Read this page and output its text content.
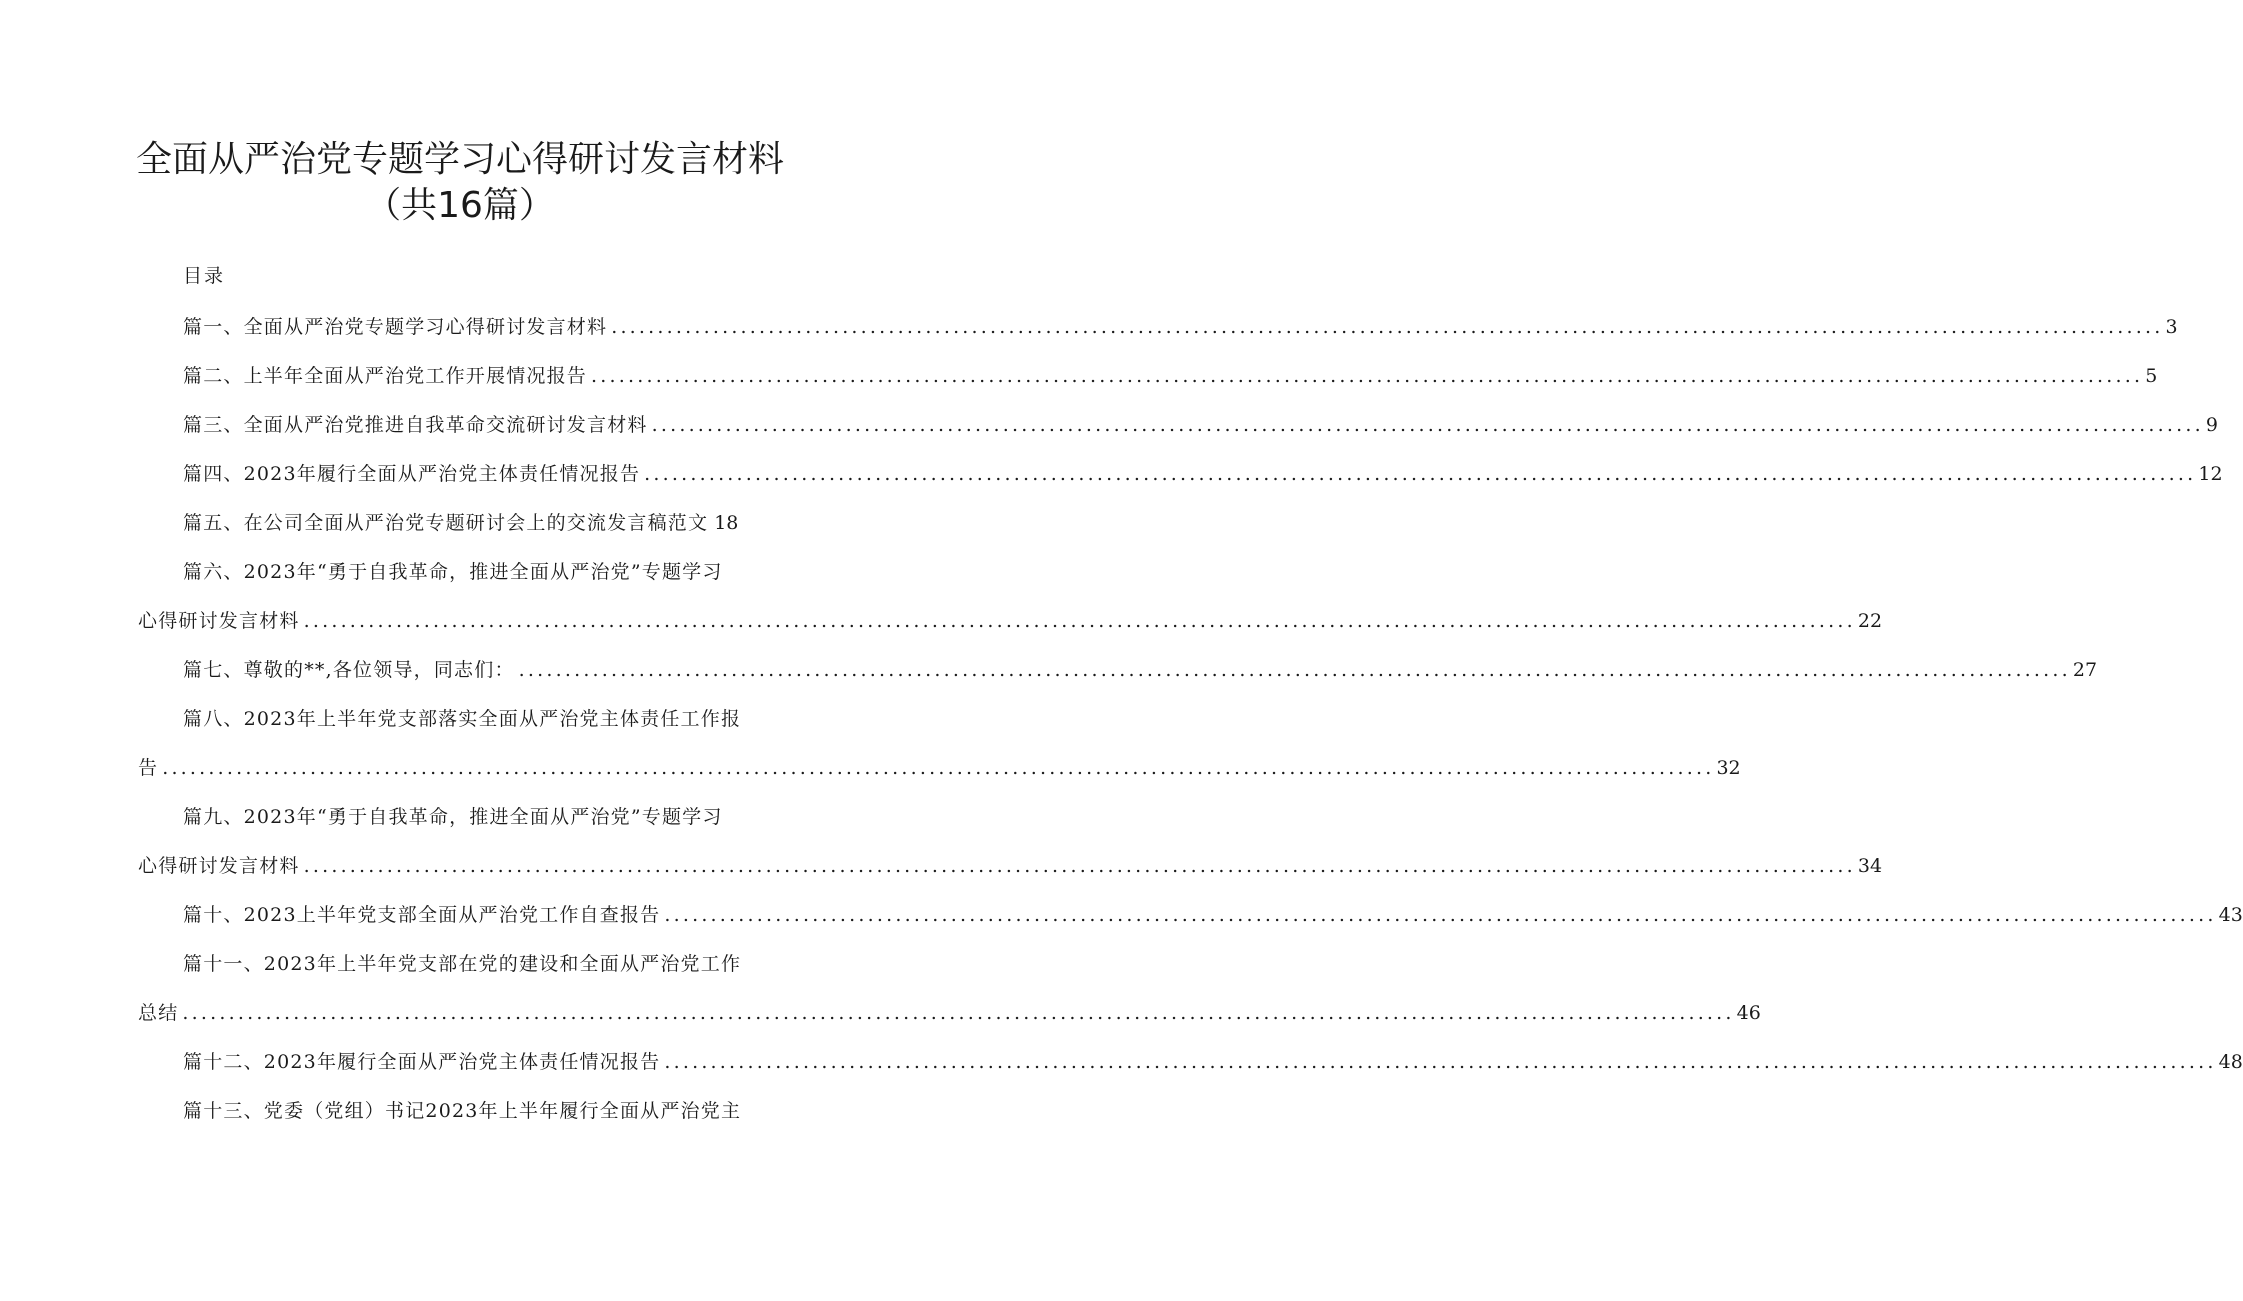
全面从严治党专题学习心得研讨发言材料
（共16篇）
目录
篇一、全面从严治党专题学习心得研讨发言材料 .....	3
篇二、上半年全面从严治党工作开展情况报告 .....	5
篇三、全面从严治党推进自我革命交流研讨发言材料 .....	9
篇四、2023年履行全面从严治党主体责任情况报告 .....	12
篇五、在公司全面从严治党专题研讨会上的交流发言稿范文 18
篇六、2023年“勇于自我革命，推进全面从严治党”专题学习
心得研讨发言材料 .....	22
篇七、尊敬的**,各位领导，同志们： .....	27
篇八、2023年上半年党支部落实全面从严治党主体责任工作报
告 .....	32
篇九、2023年“勇于自我革命，推进全面从严治党”专题学习
心得研讨发言材料 .....	34
篇十、2023上半年党支部全面从严治党工作自查报告 .....	43
篇十一、2023年上半年党支部在党的建设和全面从严治党工作
总结 .....	46
篇十二、2023年履行全面从严治党主体责任情况报告 .....	48
篇十三、党委（党组）书记2023年上半年履行全面从严治党主
